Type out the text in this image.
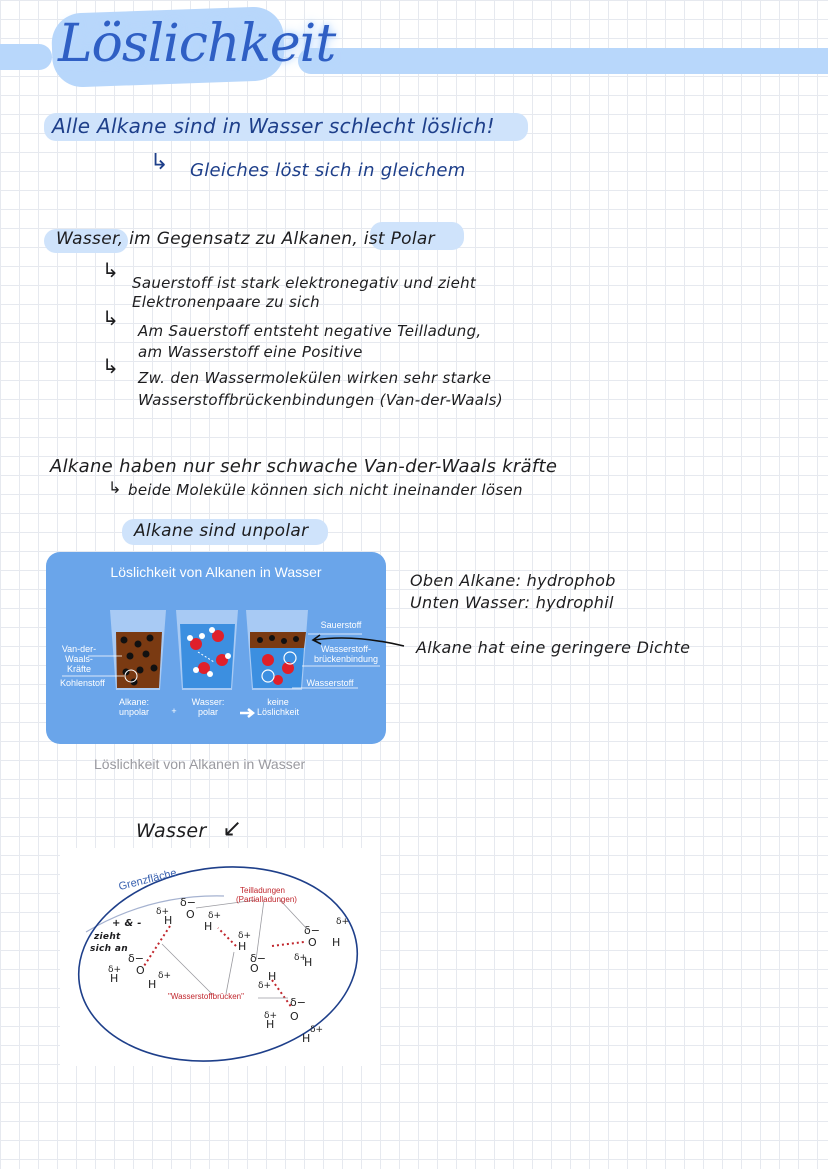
Löslichkeit
Alle Alkane sind in Wasser schlecht löslich!
↳ Gleiches löst sich in gleichem
Wasser, im Gegensatz zu Alkanen, ist Polar
↳
Sauerstoff ist stark elektronegativ und zieht
Elektronenpaare zu sich
↳
Am Sauerstoff entsteht negative Teilladung,
am Wasserstoff eine Positive
↳ Zw. den Wassermolekülen wirken sehr starke
Wasserstoffbrückenbindungen (Van-der-Waals)
Alkane haben nur sehr schwache Van-der-Waals kräfte
↳ beide Moleküle können sich nicht ineinander lösen
Alkane sind unpolar
Löslichkeit von Alkanen in Wasser
Van-der-Waals-Kräfte
Kohlenstoff
Sauerstoff
Wasserstoff-brückenbindung
Wasserstoff
Alkane: unpolar	+
Wasser: polar
keine Löslichkeit
Löslichkeit von Alkanen in Wasser
Oben Alkane: hydrophob
Unten Wasser: hydrophil
Alkane hat eine geringere Dichte
Wasser ↙
δ−
O
H
δ+
H
δ+
δ−
O
H
δ+
H
δ+
H
δ+
δ−
O
H
δ+
δ−
O H
δ+
H
δ+
δ−
O
H
δ+
H
δ+
Grenzfläche	Teilladungen
(Partialladungen)
"Wasserstoffbrücken"
+ & -
zieht
sich an
